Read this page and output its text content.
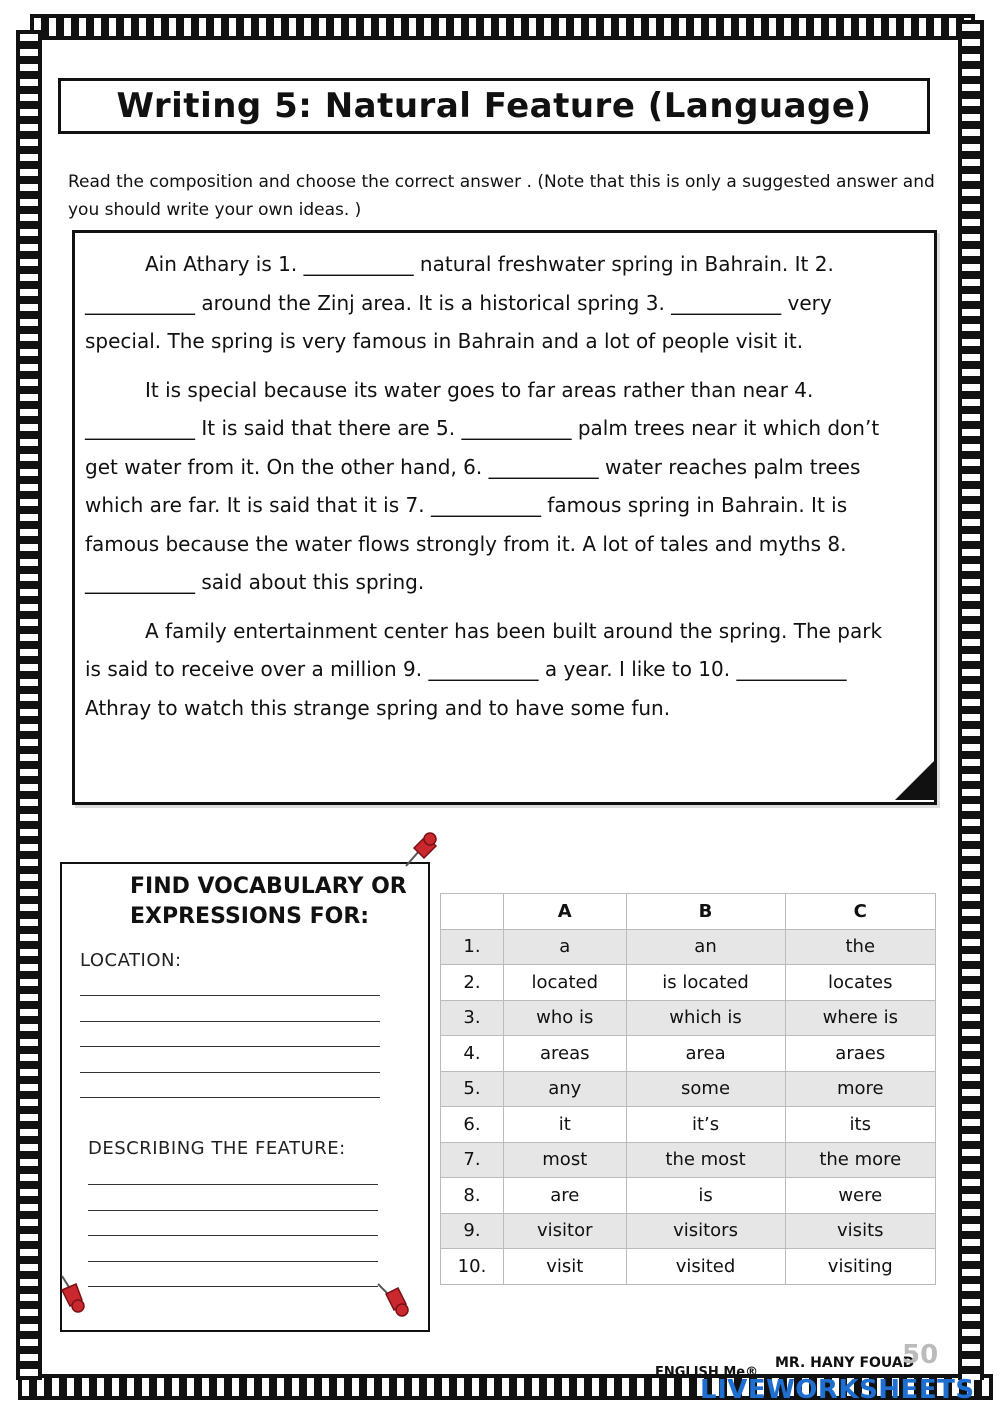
Writing 5: Natural Feature (Language)
Read the composition and choose the correct answer . (Note that this is only a suggested answer and you should write your own ideas. )

Ain Athary is 1. ___________ natural freshwater spring in Bahrain. It 2. ___________ around the Zinj area. It is a historical spring 3. ___________ very special. The spring is very famous in Bahrain and a lot of people visit it.

It is special because its water goes to far areas rather than near 4. ___________ It is said that there are 5. ___________ palm trees near it which don’t get water from it. On the other hand, 6. ___________ water reaches palm trees which are far. It is said that it is 7. ___________ famous spring in Bahrain. It is famous because the water flows strongly from it. A lot of tales and myths 8. ___________ said about this spring.

A family entertainment center has been built around the spring. The park is said to receive over a million 9. ___________ a year. I like to 10. ___________ Athray to watch this strange spring and to have some fun.

FIND VOCABULARY OR EXPRESSIONS FOR:
LOCATION:
DESCRIBING THE FEATURE:
	A	B	C
1.	a	an	the
2.	located	is located	locates
3.	who is	which is	where is
4.	areas	area	araes
5.	any	some	more
6.	it	it’s	its
7.	most	the most	the more
8.	are	is	were
9.	visitor	visitors	visits
10.	visit	visited	visiting
ENGLISH Me®
MR. HANY FOUAD
50
LIVEWORKSHEETS
